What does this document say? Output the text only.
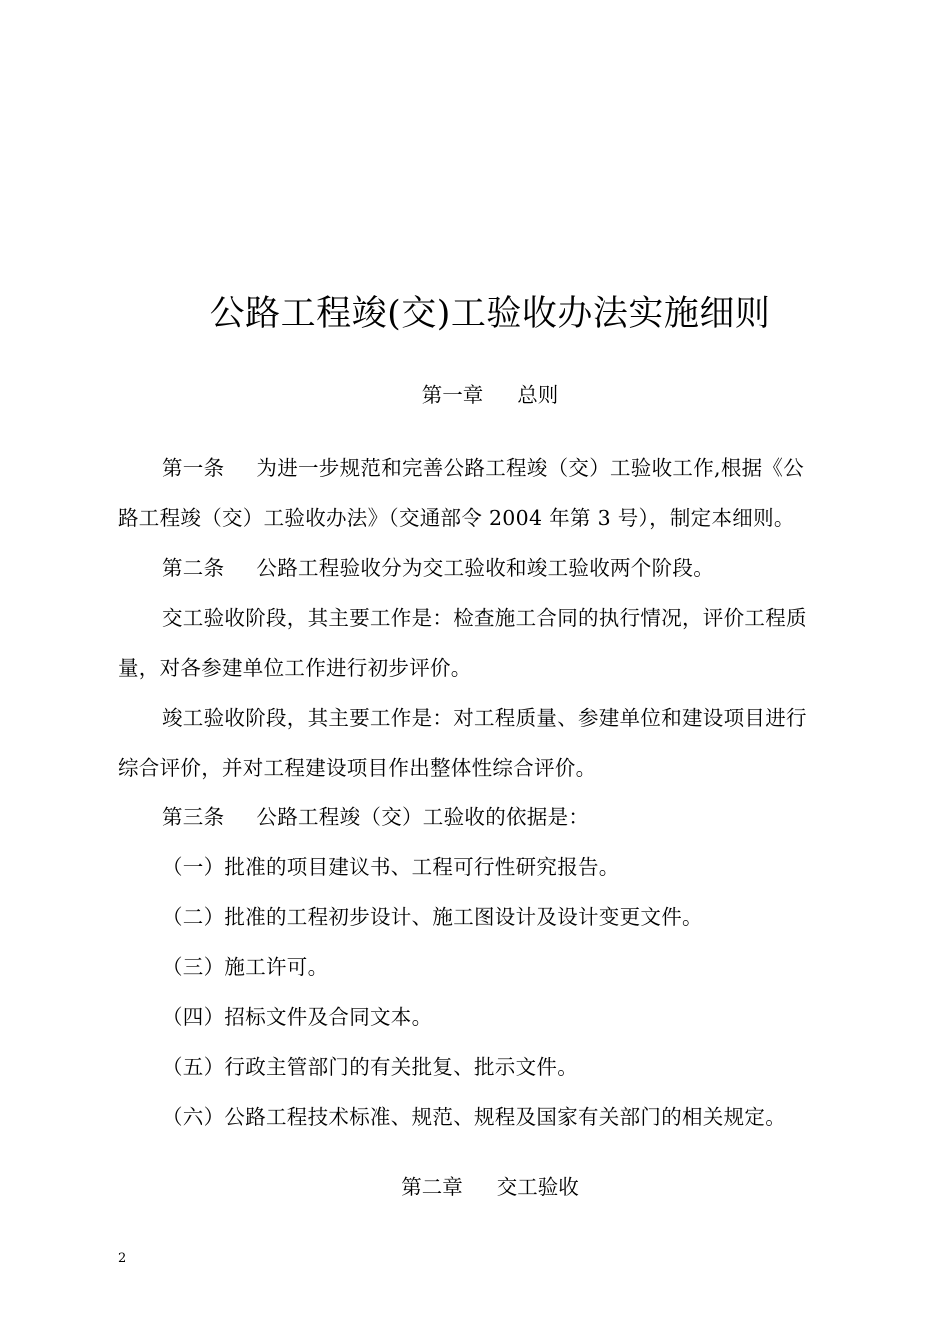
公路工程竣(交)工验收办法实施细则
第一章 总则
第一条 为进一步规范和完善公路工程竣（交）工验收工作,根据《公
路工程竣（交）工验收办法》（交通部令 2004 年第 3 号），制定本细则。
第二条 公路工程验收分为交工验收和竣工验收两个阶段。
交工验收阶段，其主要工作是：检查施工合同的执行情况，评价工程质
量，对各参建单位工作进行初步评价。
竣工验收阶段，其主要工作是：对工程质量、参建单位和建设项目进行
综合评价，并对工程建设项目作出整体性综合评价。
第三条 公路工程竣（交）工验收的依据是：
（一）批准的项目建议书、工程可行性研究报告。
（二）批准的工程初步设计、施工图设计及设计变更文件。
（三）施工许可。
（四）招标文件及合同文本。
（五）行政主管部门的有关批复、批示文件。
（六）公路工程技术标准、规范、规程及国家有关部门的相关规定。
第二章 交工验收
2
